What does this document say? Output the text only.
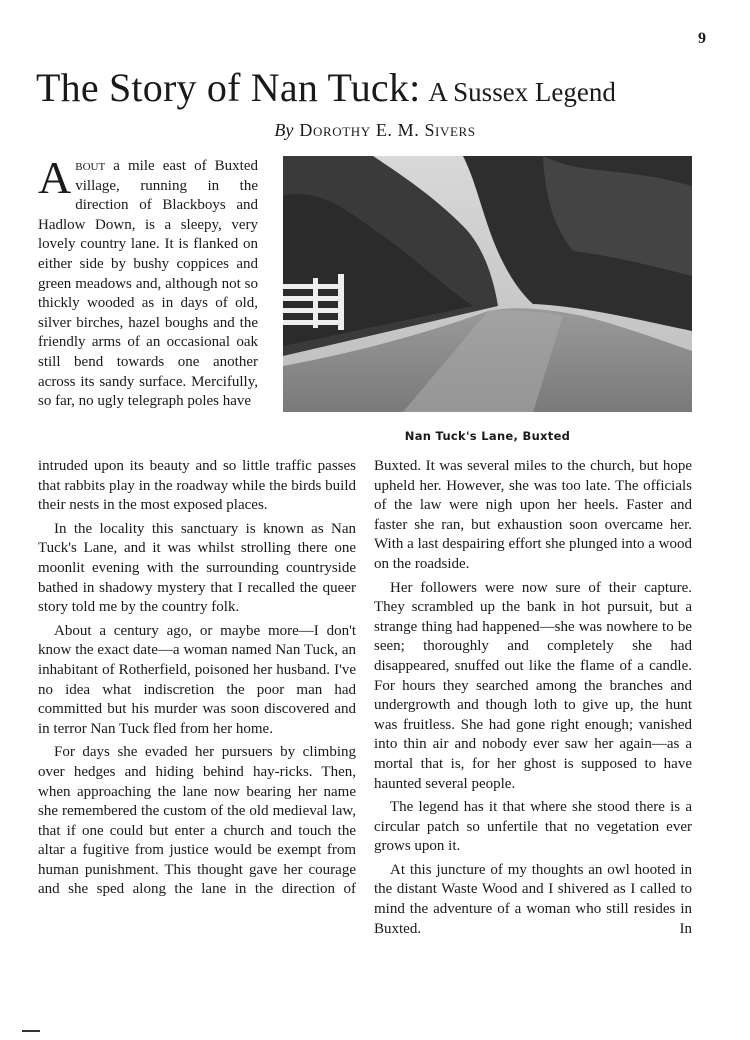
9
The Story of Nan Tuck: A Sussex Legend
By Dorothy E. M. Sivers
Nan Tuck's Lane, Buxted

About a mile east of Buxted village, running in the direction of Blackboys and Hadlow Down, is a sleepy, very lovely country lane. It is flanked on either side by bushy coppices and green meadows and, although not so thickly wooded as in days of old, silver birches, hazel boughs and the friendly arms of an occasional oak still bend towards one another across its sandy surface. Mercifully, so far, no ugly telegraph poles have

intruded upon its beauty and so little traffic passes that rabbits play in the roadway while the birds build their nests in the most exposed places.

In the locality this sanctuary is known as Nan Tuck's Lane, and it was whilst strolling there one moonlit evening with the surrounding countryside bathed in shadowy mystery that I recalled the queer story told me by the country folk.

About a century ago, or maybe more—I don't know the exact date—a woman named Nan Tuck, an inhabitant of Rotherfield, poisoned her husband. I've no idea what indiscretion the poor man had committed but his murder was soon discovered and in terror Nan Tuck fled from her home.

For days she evaded her pursuers by climbing over hedges and hiding behind hay-ricks. Then, when approaching the lane now bearing her name she remembered the custom of the old medieval law, that if one could but enter a church and touch the altar a fugitive from justice would be exempt from human punishment. This thought gave her courage and she sped along the lane in the direction of

Buxted. It was several miles to the church, but hope upheld her. However, she was too late. The officials of the law were nigh upon her heels. Faster and faster she ran, but exhaustion soon overcame her. With a last despairing effort she plunged into a wood on the roadside.

Her followers were now sure of their capture. They scrambled up the bank in hot pursuit, but a strange thing had happened—she was nowhere to be seen; thoroughly and completely she had disappeared, snuffed out like the flame of a candle. For hours they searched among the branches and undergrowth and though loth to give up, the hunt was fruitless. She had gone right enough; vanished into thin air and nobody ever saw her again—as a mortal that is, for her ghost is supposed to have haunted several people.

The legend has it that where she stood there is a circular patch so unfertile that no vegetation ever grows upon it.

At this juncture of my thoughts an owl hooted in the distant Waste Wood and I shivered as I called to mind the adventure of a woman who still resides in Buxted. In
